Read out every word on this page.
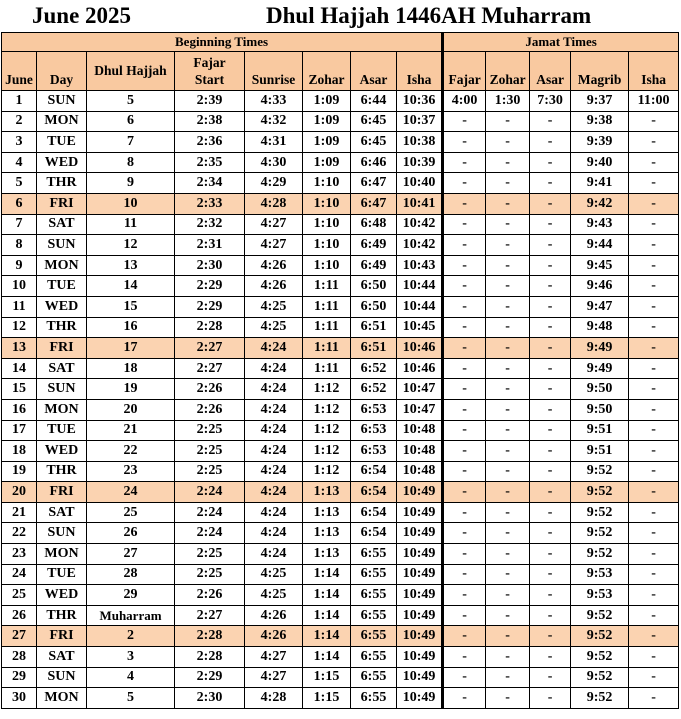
June 2025	Dhul Hajjah 1446AH Muharram
Beginning Times								Jamat Times				
June	Day	Dhul Hajjah	Fajar
Start	Sunrise	Zohar	Asar	Isha	Fajar	Zohar	Asar	Magrib	Isha
1	SUN	5	2:39	4:33	1:09	6:44	10:36	4:00	1:30	7:30	9:37	11:00
2	MON	6	2:38	4:32	1:09	6:45	10:37	-	-	-	9:38	-
3	TUE	7	2:36	4:31	1:09	6:45	10:38	-	-	-	9:39	-
4	WED	8	2:35	4:30	1:09	6:46	10:39	-	-	-	9:40	-
5	THR	9	2:34	4:29	1:10	6:47	10:40	-	-	-	9:41	-
6	FRI	10	2:33	4:28	1:10	6:47	10:41	-	-	-	9:42	-
7	SAT	11	2:32	4:27	1:10	6:48	10:42	-	-	-	9:43	-
8	SUN	12	2:31	4:27	1:10	6:49	10:42	-	-	-	9:44	-
9	MON	13	2:30	4:26	1:10	6:49	10:43	-	-	-	9:45	-
10	TUE	14	2:29	4:26	1:11	6:50	10:44	-	-	-	9:46	-
11	WED	15	2:29	4:25	1:11	6:50	10:44	-	-	-	9:47	-
12	THR	16	2:28	4:25	1:11	6:51	10:45	-	-	-	9:48	-
13	FRI	17	2:27	4:24	1:11	6:51	10:46	-	-	-	9:49	-
14	SAT	18	2:27	4:24	1:11	6:52	10:46	-	-	-	9:49	-
15	SUN	19	2:26	4:24	1:12	6:52	10:47	-	-	-	9:50	-
16	MON	20	2:26	4:24	1:12	6:53	10:47	-	-	-	9:50	-
17	TUE	21	2:25	4:24	1:12	6:53	10:48	-	-	-	9:51	-
18	WED	22	2:25	4:24	1:12	6:53	10:48	-	-	-	9:51	-
19	THR	23	2:25	4:24	1:12	6:54	10:48	-	-	-	9:52	-
20	FRI	24	2:24	4:24	1:13	6:54	10:49	-	-	-	9:52	-
21	SAT	25	2:24	4:24	1:13	6:54	10:49	-	-	-	9:52	-
22	SUN	26	2:24	4:24	1:13	6:54	10:49	-	-	-	9:52	-
23	MON	27	2:25	4:24	1:13	6:55	10:49	-	-	-	9:52	-
24	TUE	28	2:25	4:25	1:14	6:55	10:49	-	-	-	9:53	-
25	WED	29	2:26	4:25	1:14	6:55	10:49	-	-	-	9:53	-
26	THR	Muharram	2:27	4:26	1:14	6:55	10:49	-	-	-	9:52	-
27	FRI	2	2:28	4:26	1:14	6:55	10:49	-	-	-	9:52	-
28	SAT	3	2:28	4:27	1:14	6:55	10:49	-	-	-	9:52	-
29	SUN	4	2:29	4:27	1:15	6:55	10:49	-	-	-	9:52	-
30	MON	5	2:30	4:28	1:15	6:55	10:49	-	-	-	9:52	-
